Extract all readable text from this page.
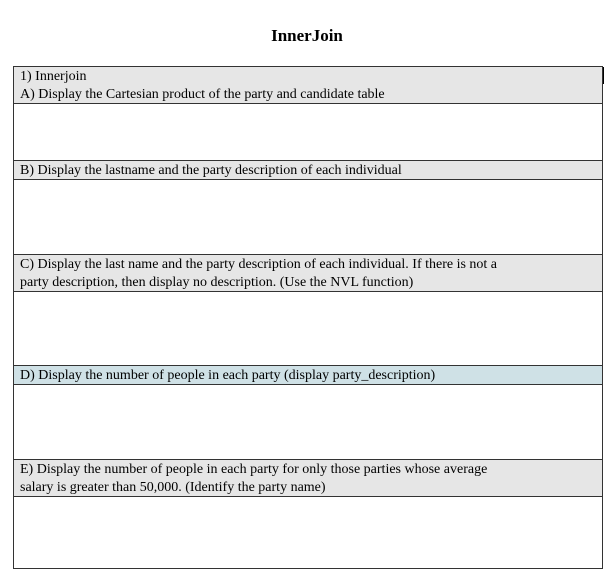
InnerJoin
1) Innerjoin
A) Display the Cartesian product of the party and candidate table
B) Display the lastname and the party description of each individual
C) Display the last name and the party description of each individual. If there is not a
party description, then display no description. (Use the NVL function)
D) Display the number of people in each party (display party_description)
E) Display the number of people in each party for only those parties whose average
salary is greater than 50,000. (Identify the party name)
